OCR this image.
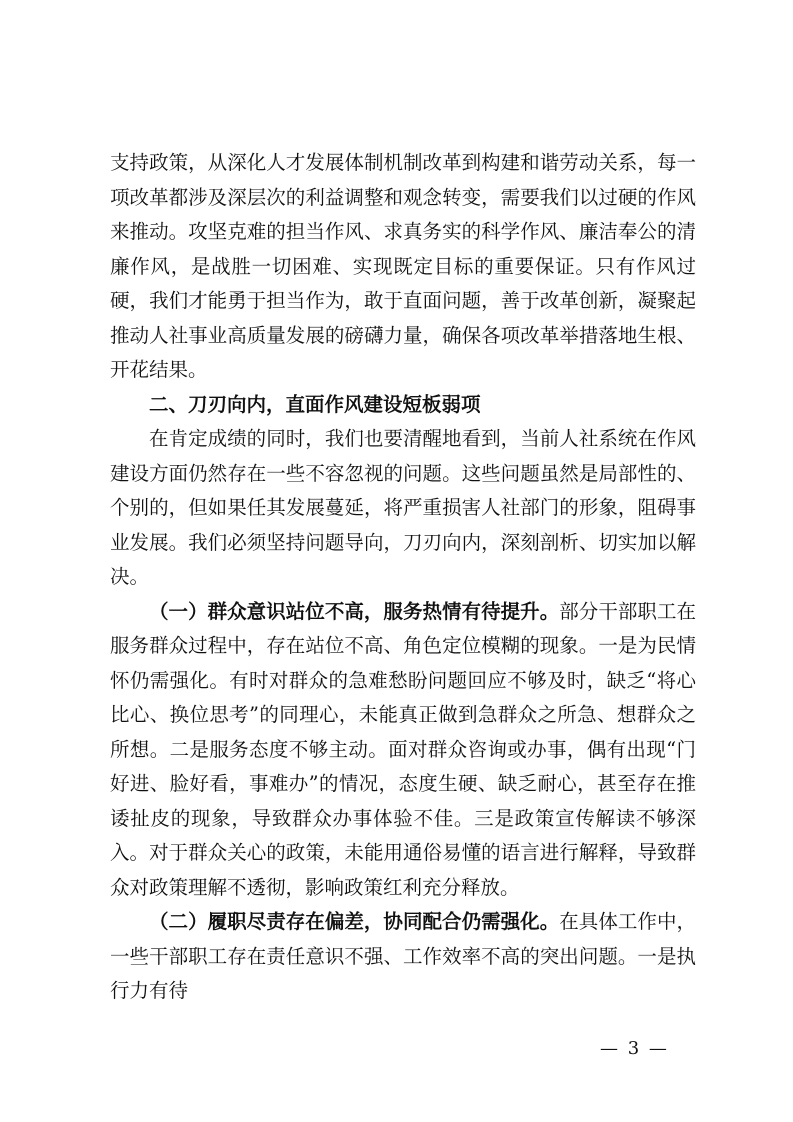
支持政策，从深化人才发展体制机制改革到构建和谐劳动关系，每一项改革都涉及深层次的利益调整和观念转变，需要我们以过硬的作风来推动。攻坚克难的担当作风、求真务实的科学作风、廉洁奉公的清廉作风，是战胜一切困难、实现既定目标的重要保证。只有作风过硬，我们才能勇于担当作为，敢于直面问题，善于改革创新，凝聚起推动人社事业高质量发展的磅礴力量，确保各项改革举措落地生根、开花结果。

二、刀刃向内，直面作风建设短板弱项

在肯定成绩的同时，我们也要清醒地看到，当前人社系统在作风建设方面仍然存在一些不容忽视的问题。这些问题虽然是局部性的、个别的，但如果任其发展蔓延，将严重损害人社部门的形象，阻碍事业发展。我们必须坚持问题导向，刀刃向内，深刻剖析、切实加以解决。

（一）群众意识站位不高，服务热情有待提升。部分干部职工在服务群众过程中，存在站位不高、角色定位模糊的现象。一是为民情怀仍需强化。有时对群众的急难愁盼问题回应不够及时，缺乏“将心比心、换位思考”的同理心，未能真正做到急群众之所急、想群众之所想。二是服务态度不够主动。面对群众咨询或办事，偶有出现“门好进、脸好看，事难办”的情况，态度生硬、缺乏耐心，甚至存在推诿扯皮的现象，导致群众办事体验不佳。三是政策宣传解读不够深入。对于群众关心的政策，未能用通俗易懂的语言进行解释，导致群众对政策理解不透彻，影响政策红利充分释放。

（二）履职尽责存在偏差，协同配合仍需强化。在具体工作中，一些干部职工存在责任意识不强、工作效率不高的突出问题。一是执行力有待

— 3 —
